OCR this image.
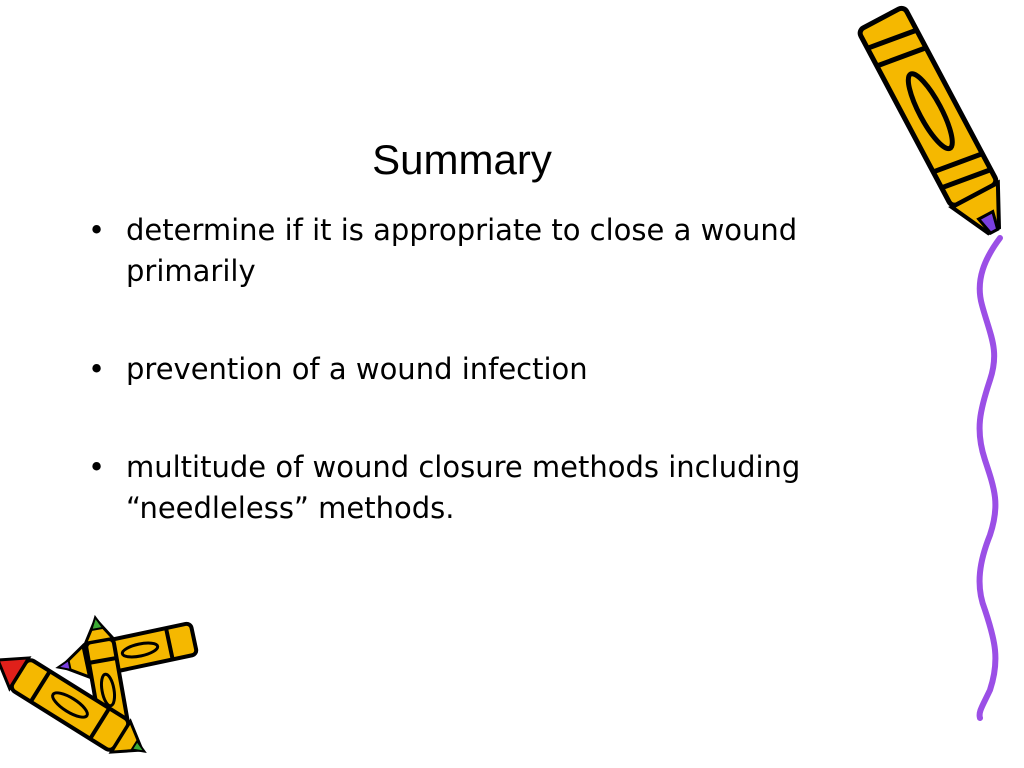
Summary
• determine if it is appropriate to close a wound primarily
• prevention of a wound infection
• multitude of wound closure methods including “needleless” methods.
